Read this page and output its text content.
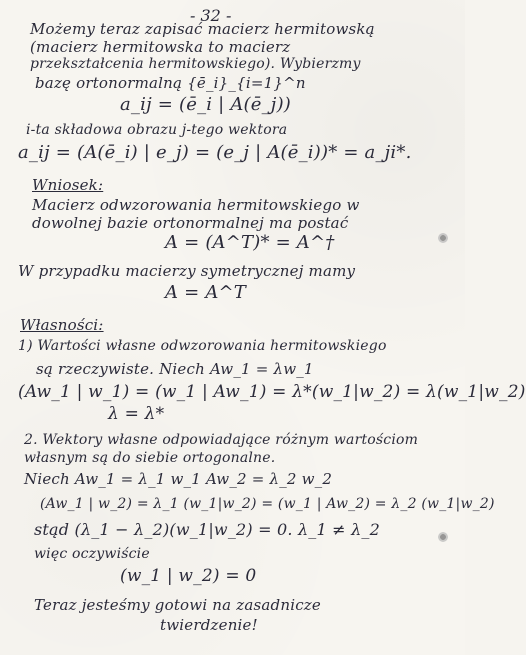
- 32 -
Możemy teraz zapisać macierz hermitowską
(macierz hermitowska to macierz
przekształcenia hermitowskiego). Wybierzmy
bazę ortonormalną {ē_i}_{i=1}^n
a_ij = (ē_i | A(ē_j))
i-ta składowa obrazu j-tego wektora
a_ij = (A(ē_i) | e_j) = (e_j | A(ē_i))* = a_ji*.
Wniosek:
Macierz odwzorowania hermitowskiego w
dowolnej bazie ortonormalnej ma postać
A = (A^T)* = A^†
W przypadku macierzy symetrycznej mamy
A = A^T
Własności:
1) Wartości własne odwzorowania hermitowskiego
są rzeczywiste. Niech Aw_1 = λw_1
(Aw_1 | w_1) = (w_1 | Aw_1) = λ*(w_1|w_2) = λ(w_1|w_2)
λ = λ*
2. Wektory własne odpowiadające różnym wartościom
własnym są do siebie ortogonalne.
Niech Aw_1 = λ_1 w_1 Aw_2 = λ_2 w_2
(Aw_1 | w_2) = λ_1 (w_1|w_2) = (w_1 | Aw_2) = λ_2 (w_1|w_2)
stąd (λ_1 − λ_2)(w_1|w_2) = 0. λ_1 ≠ λ_2
więc oczywiście
(w_1 | w_2) = 0
Teraz jesteśmy gotowi na zasadnicze
twierdzenie!
